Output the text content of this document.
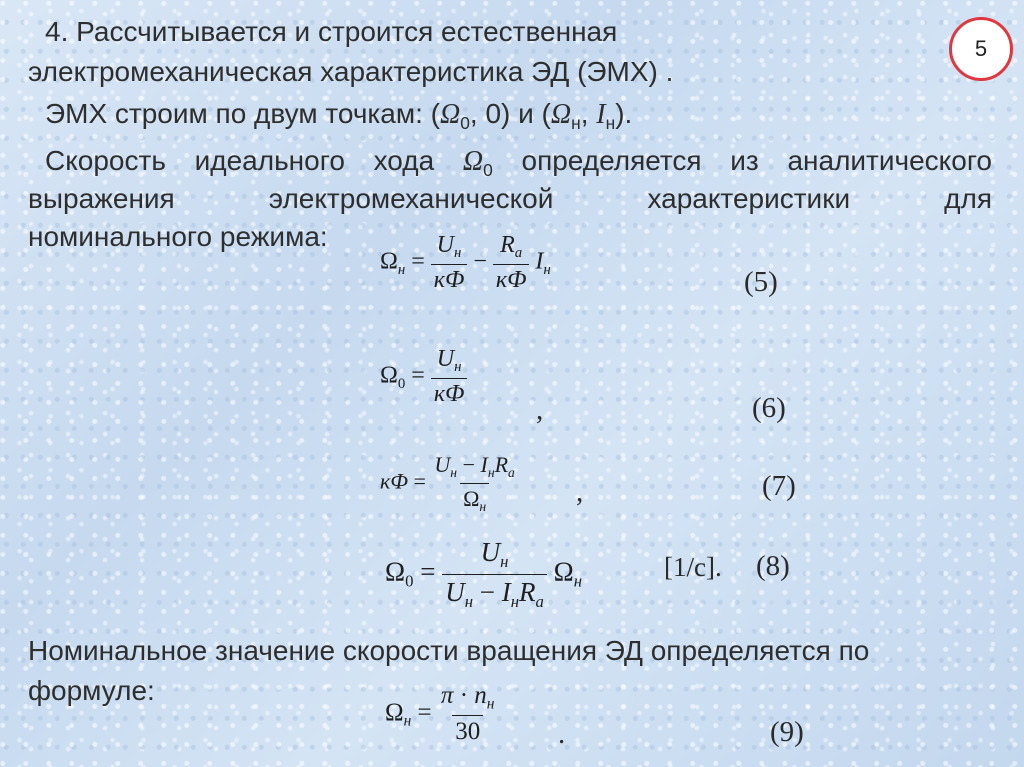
5
4. Рассчитывается и строится естественная
электромеханическая характеристика ЭД (ЭМХ) .
ЭМХ строим по двум точкам: ($\Omega_0$, 0) и ($\Omega_н$, $I_н$).
Скорость идеального хода $\Omega_0$ определяется из аналитического
выражения электромеханической характеристики для
номинального режима:
$\Omega_н = \frac{U_н}{кФ} - \frac{R_а}{кФ} I_н$	(5)
$\Omega_0 = \frac{U_н}{кФ}$
,	(6)
кФ = $\frac{U_н - I_нR_а}{\Omega_н}$ ,	(7)
$\Omega_0 = \frac{U_н}{U_н - I_нR_а} \Omega_н$	[1/c]. (8)
Номинальное значение скорости вращения ЭД определяется по
формуле:
$\Omega_н = \frac{\pi \cdot n_н}{30}$ .	(9)
